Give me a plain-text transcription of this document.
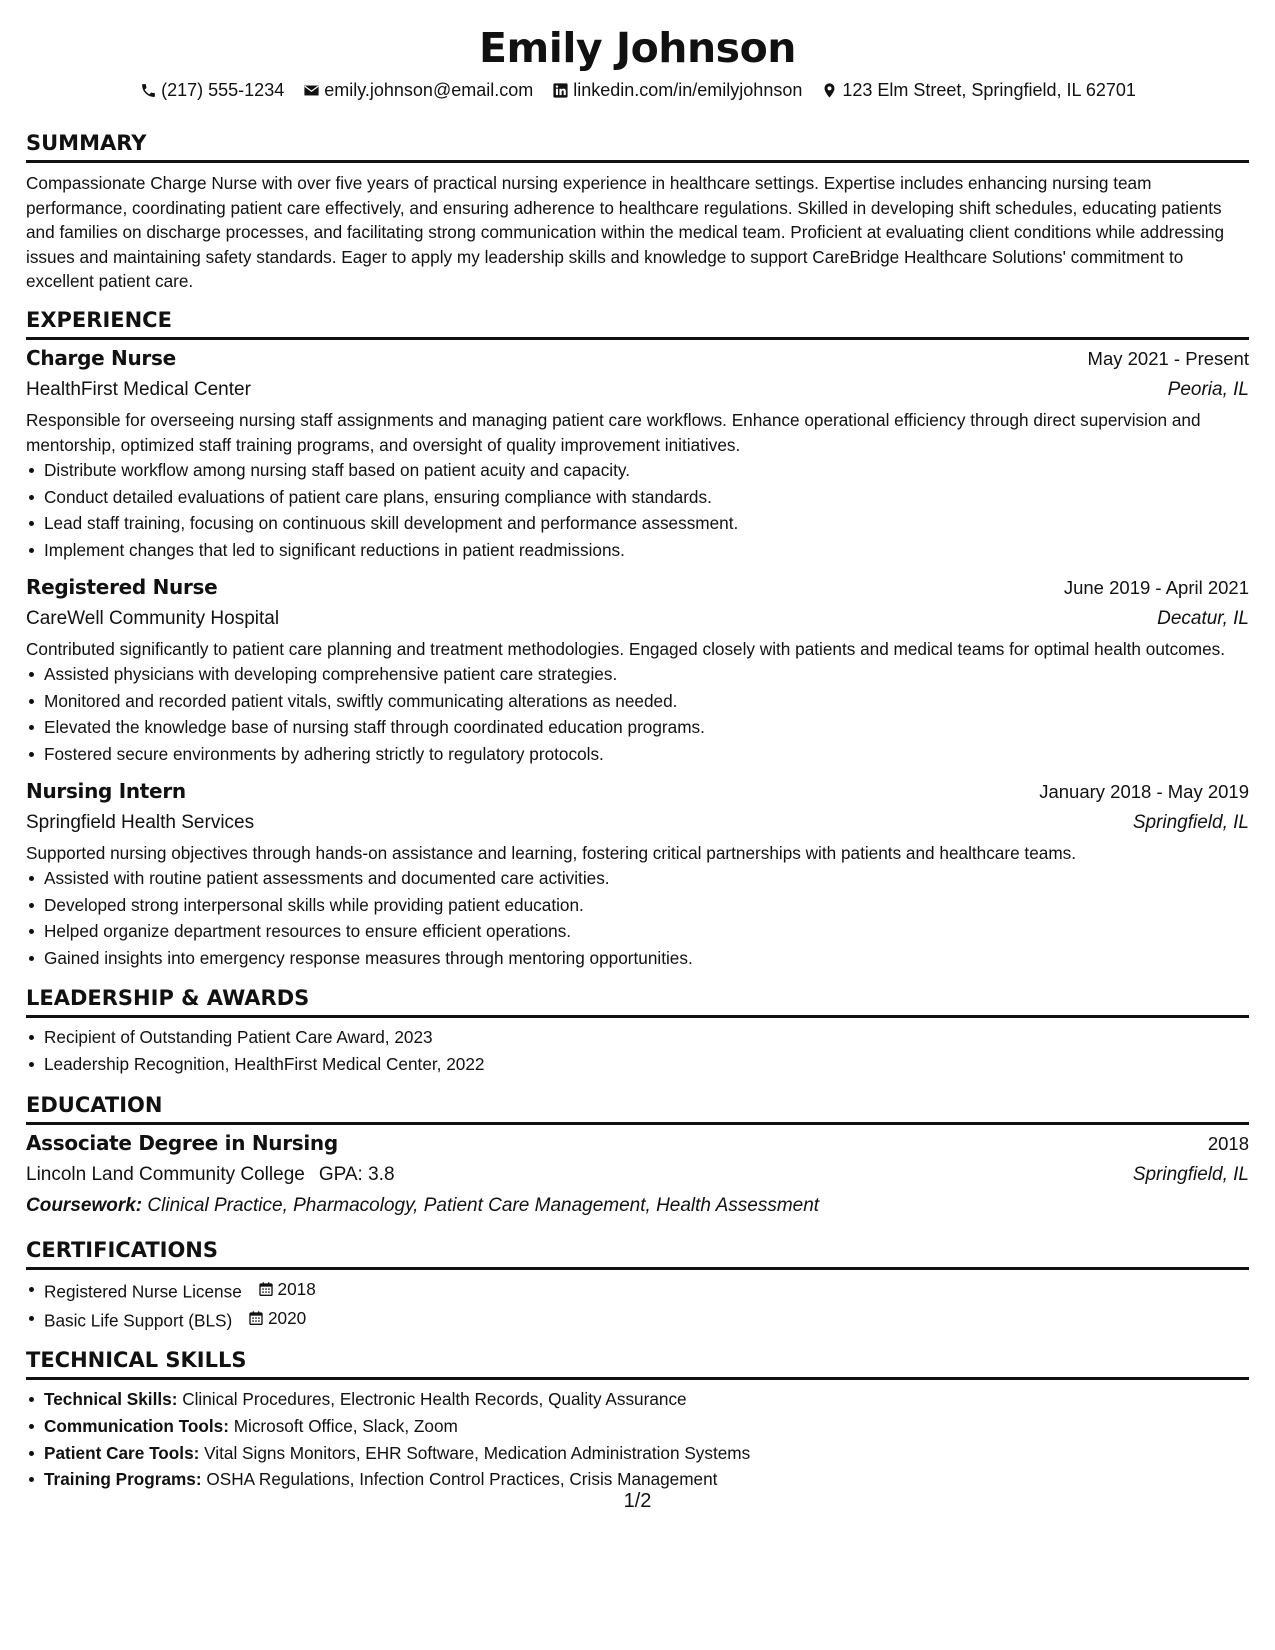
Emily Johnson
(217) 555-1234 emily.johnson@email.com linkedin.com/in/emilyjohnson 123 Elm Street, Springfield, IL 62701
SUMMARY

Compassionate Charge Nurse with over five years of practical nursing experience in healthcare settings. Expertise includes enhancing nursing team performance, coordinating patient care effectively, and ensuring adherence to healthcare regulations. Skilled in developing shift schedules, educating patients and families on discharge processes, and facilitating strong communication within the medical team. Proficient at evaluating client conditions while addressing issues and maintaining safety standards. Eager to apply my leadership skills and knowledge to support CareBridge Healthcare Solutions' commitment to excellent patient care.

EXPERIENCE
Charge Nurse	May 2021 - Present
HealthFirst Medical Center	Peoria, IL
Responsible for overseeing nursing staff assignments and managing patient care workflows. Enhance operational efficiency through direct supervision and mentorship, optimized staff training programs, and oversight of quality improvement initiatives.
Distribute workflow among nursing staff based on patient acuity and capacity.
Conduct detailed evaluations of patient care plans, ensuring compliance with standards.
Lead staff training, focusing on continuous skill development and performance assessment.
Implement changes that led to significant reductions in patient readmissions.
Registered Nurse	June 2019 - April 2021
CareWell Community Hospital	Decatur, IL
Contributed significantly to patient care planning and treatment methodologies. Engaged closely with patients and medical teams for optimal health outcomes.
Assisted physicians with developing comprehensive patient care strategies.
Monitored and recorded patient vitals, swiftly communicating alterations as needed.
Elevated the knowledge base of nursing staff through coordinated education programs.
Fostered secure environments by adhering strictly to regulatory protocols.
Nursing Intern	January 2018 - May 2019
Springfield Health Services	Springfield, IL
Supported nursing objectives through hands-on assistance and learning, fostering critical partnerships with patients and healthcare teams.
Assisted with routine patient assessments and documented care activities.
Developed strong interpersonal skills while providing patient education.
Helped organize department resources to ensure efficient operations.
Gained insights into emergency response measures through mentoring opportunities.
LEADERSHIP & AWARDS
Recipient of Outstanding Patient Care Award, 2023
Leadership Recognition, HealthFirst Medical Center, 2022
EDUCATION
Associate Degree in Nursing	2018
Lincoln Land Community College GPA: 3.8	Springfield, IL
Coursework: Clinical Practice, Pharmacology, Patient Care Management, Health Assessment
CERTIFICATIONS
Registered Nurse License 2018
Basic Life Support (BLS) 2020
TECHNICAL SKILLS
Technical Skills: Clinical Procedures, Electronic Health Records, Quality Assurance
Communication Tools: Microsoft Office, Slack, Zoom
Patient Care Tools: Vital Signs Monitors, EHR Software, Medication Administration Systems
Training Programs: OSHA Regulations, Infection Control Practices, Crisis Management
1/2
